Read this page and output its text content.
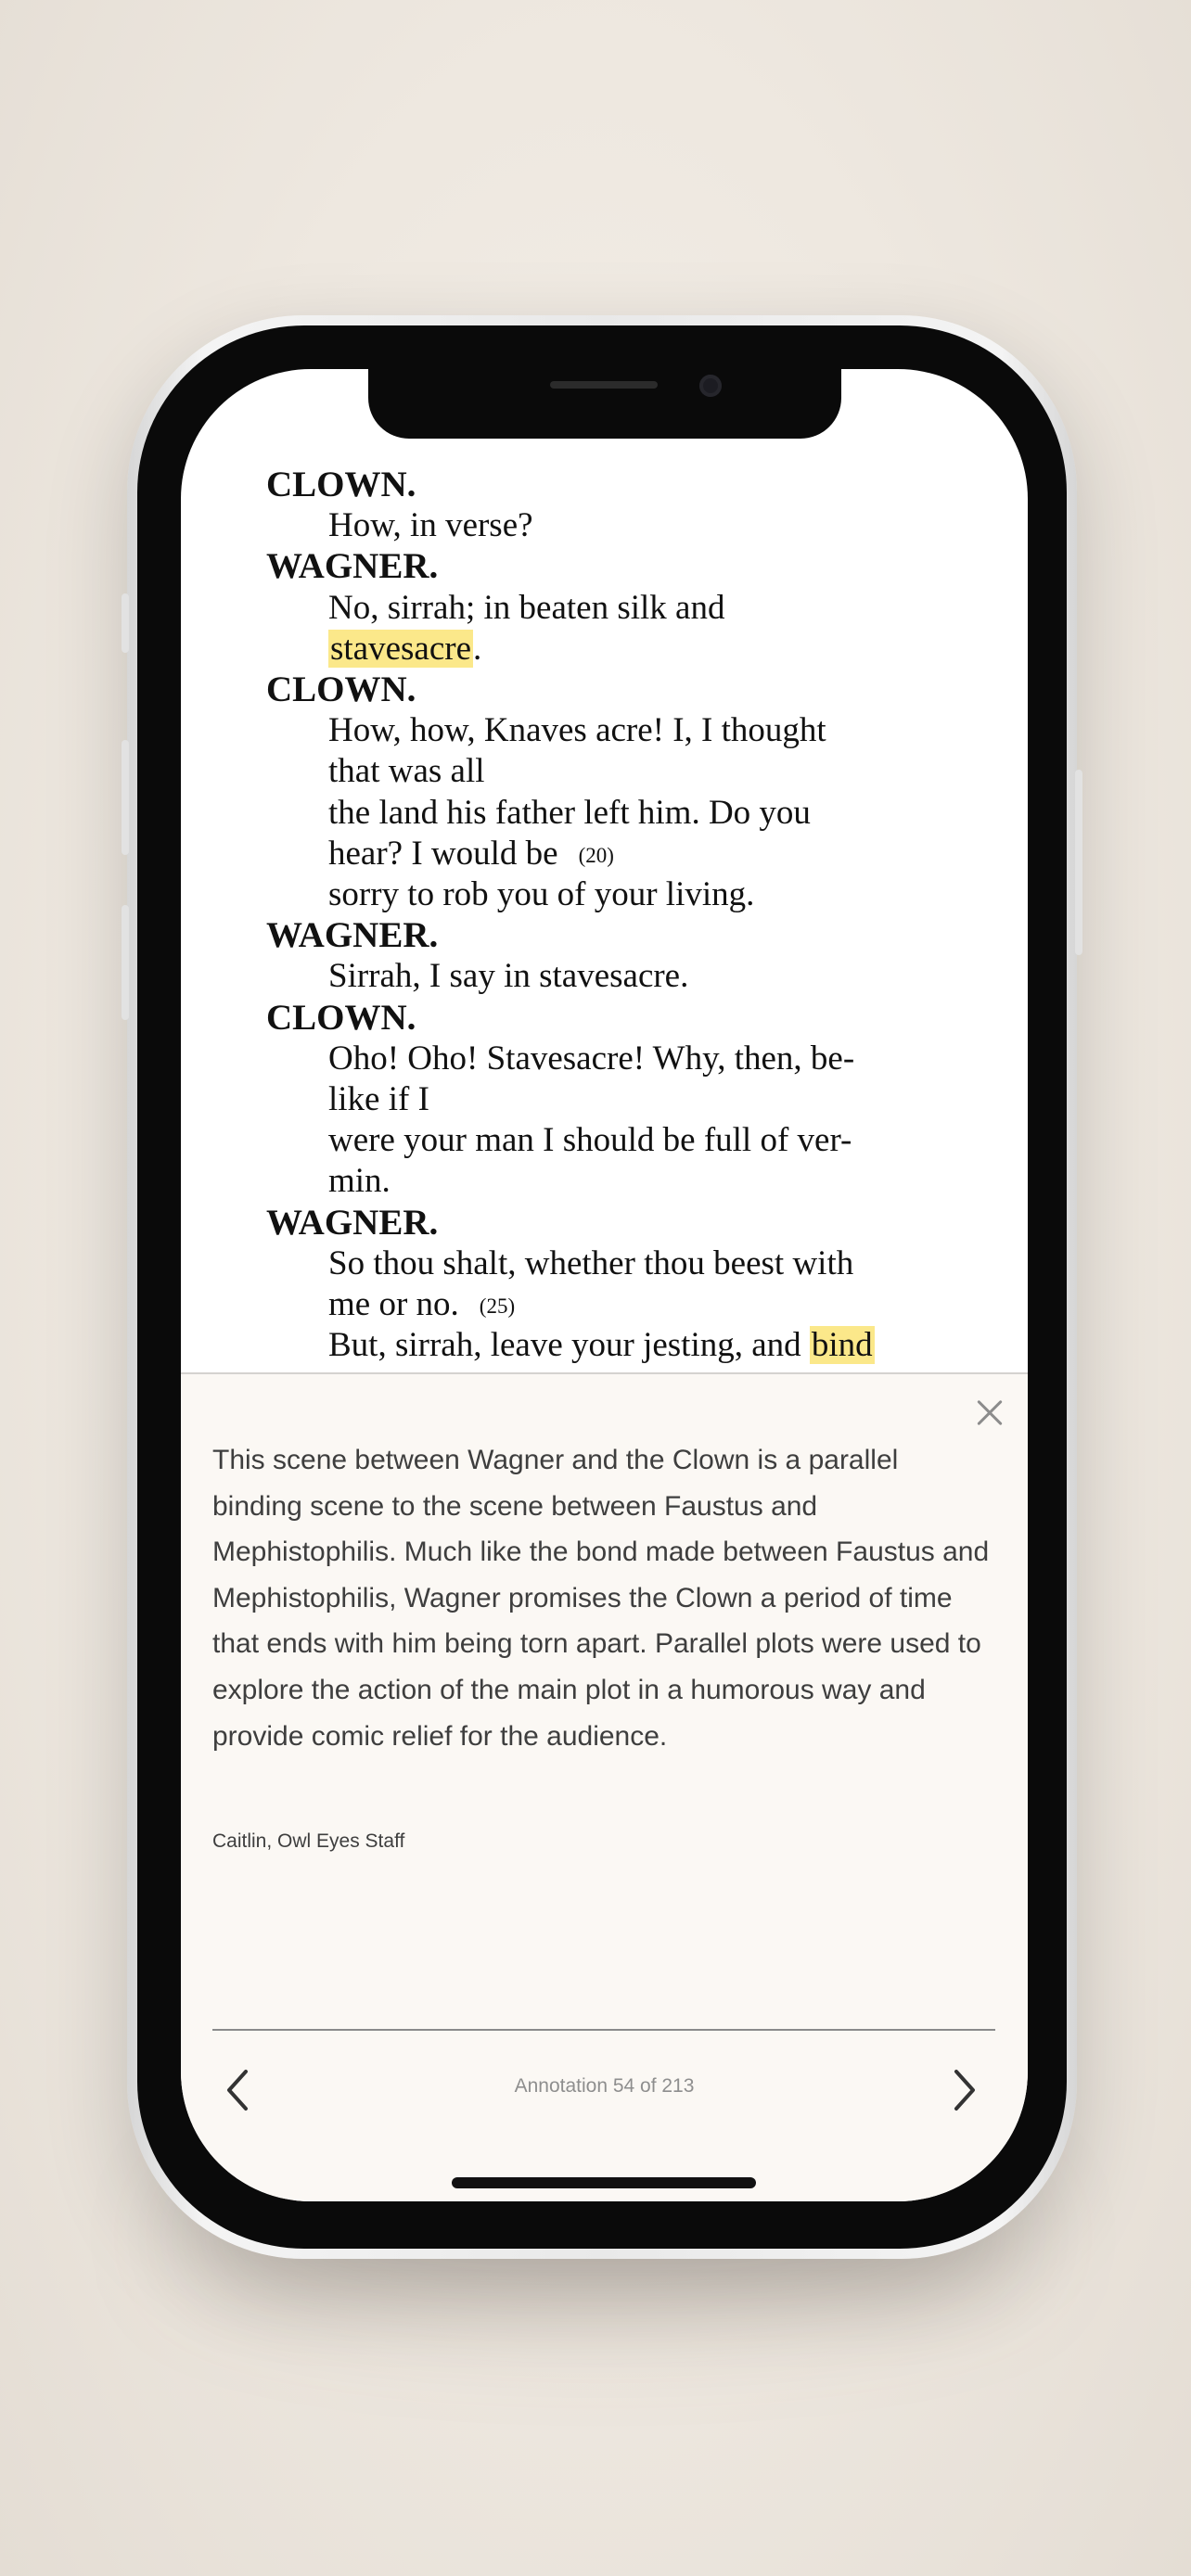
CLOWN.
How, in verse?
WAGNER.
No, sirrah; in beaten silk and
stavesacre.
CLOWN.
How, how, Knaves acre! I, I thought
that was all
the land his father left him. Do you
hear? I would be (20)
sorry to rob you of your living.
WAGNER.
Sirrah, I say in stavesacre.
CLOWN.
Oho! Oho! Stavesacre! Why, then, be-
like if I
were your man I should be full of ver-
min.
WAGNER.
So thou shalt, whether thou beest with
me or no. (25)
But, sirrah, leave your jesting, and bind
This scene between Wagner and the Clown is a parallel binding scene to the scene between Faustus and Mephistophilis. Much like the bond made between Faustus and Mephistophilis, Wagner promises the Clown a period of time that ends with him being torn apart. Parallel plots were used to explore the action of the main plot in a humorous way and provide comic relief for the audience.
Caitlin, Owl Eyes Staff
Annotation 54 of 213
